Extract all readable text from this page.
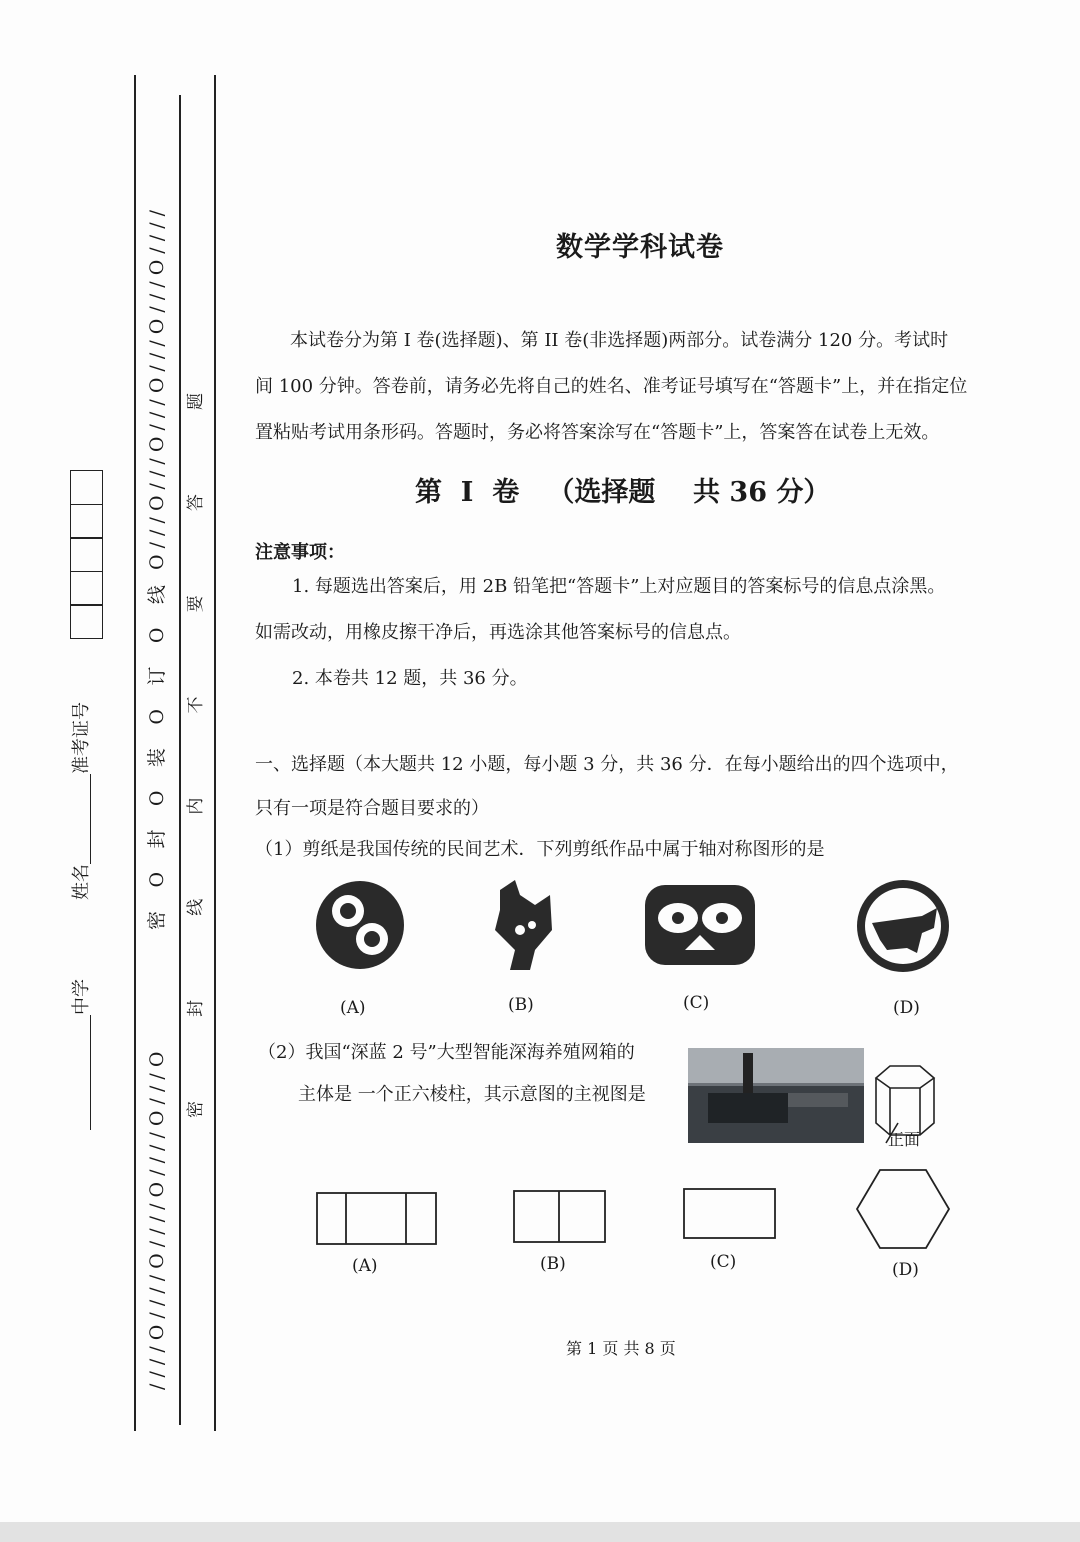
中学
姓名准考证号
/ / / / O / / / / O / / / / O / / / / O / / / O
密
O
封
O
装
O
订
O
线
O / / / O / / / O / / / O / / / O / / / O / / / /
密
封
线
内
不
要
答
题
数学学科试卷
本试卷分为第 I 卷(选择题)、第 II 卷(非选择题)两部分。试卷满分 120 分。考试时
间 100 分钟。答卷前，请务必先将自己的姓名、准考证号填写在“答题卡”上，并在指定位
置粘贴考试用条形码。答题时，务必将答案涂写在“答题卡”上，答案答在试卷上无效。
第  I  卷   （选择题    共 36 分）
注意事项：
1. 每题选出答案后，用 2B 铅笔把“答题卡”上对应题目的答案标号的信息点涂黑。
如需改动，用橡皮擦干净后，再选涂其他答案标号的信息点。
2. 本卷共 12 题，共 36 分。
一、选择题（本大题共 12 小题，每小题 3 分，共 36 分．在每小题给出的四个选项中，
只有一项是符合题目要求的）
（1）剪纸是我国传统的民间艺术．下列剪纸作品中属于轴对称图形的是
(A)	(B)	(C)	(D)
（2）我国“深蓝 2 号”大型智能深海养殖网箱的
主体是 一个正六棱柱，其示意图的主视图是
正面
(A)	(B)	(C)	(D)
第 1 页 共 8 页
